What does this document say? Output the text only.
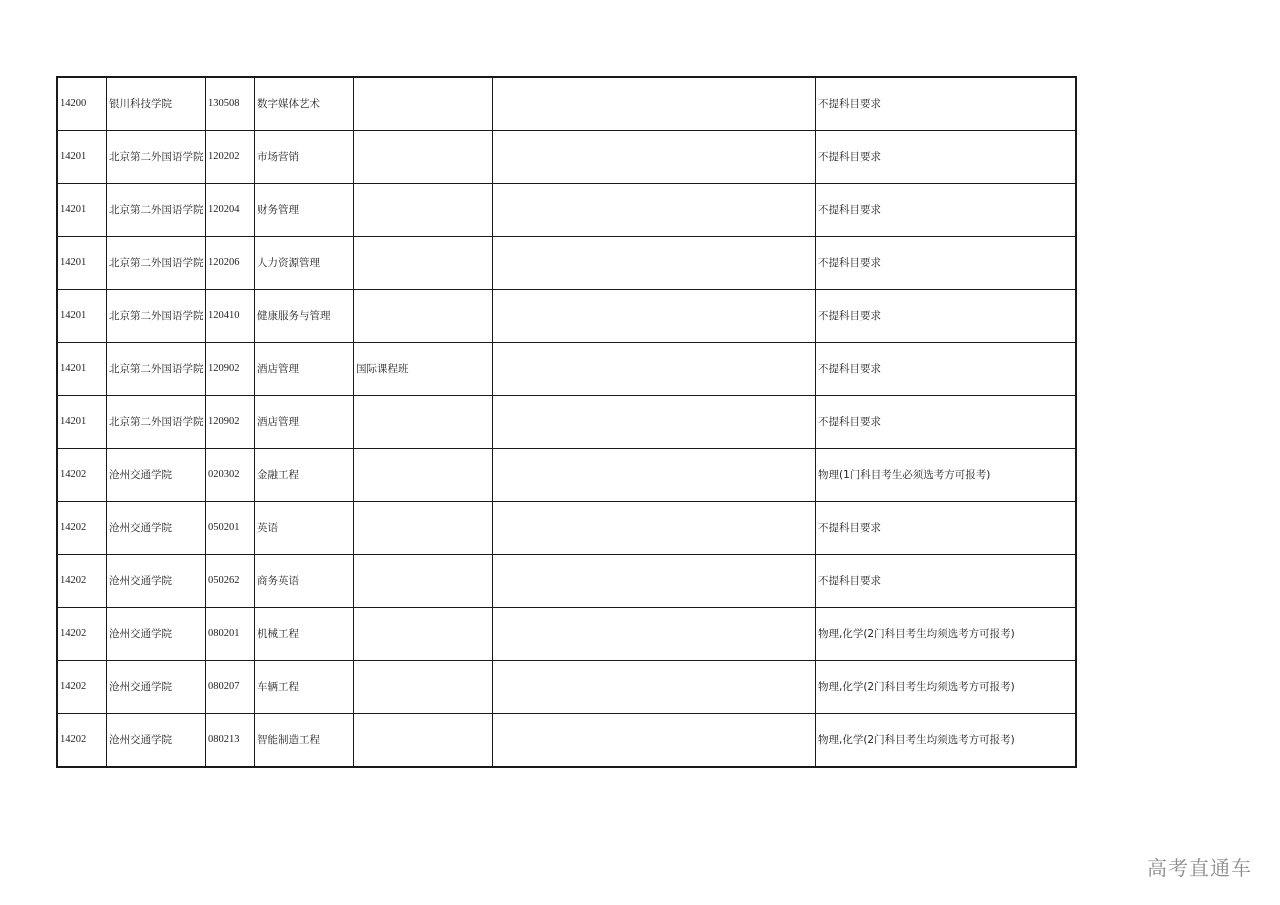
14200	银川科技学院	130508	数字媒体艺术			不提科目要求
14201	北京第二外国语学院	120202	市场营销			不提科目要求
14201	北京第二外国语学院	120204	财务管理			不提科目要求
14201	北京第二外国语学院	120206	人力资源管理			不提科目要求
14201	北京第二外国语学院	120410	健康服务与管理			不提科目要求
14201	北京第二外国语学院	120902	酒店管理	国际课程班		不提科目要求
14201	北京第二外国语学院	120902	酒店管理			不提科目要求
14202	沧州交通学院	020302	金融工程			物理(1门科目考生必须选考方可报考)
14202	沧州交通学院	050201	英语			不提科目要求
14202	沧州交通学院	050262	商务英语			不提科目要求
14202	沧州交通学院	080201	机械工程			物理,化学(2门科目考生均须选考方可报考)
14202	沧州交通学院	080207	车辆工程			物理,化学(2门科目考生均须选考方可报考)
14202	沧州交通学院	080213	智能制造工程			物理,化学(2门科目考生均须选考方可报考)
高考直通车
